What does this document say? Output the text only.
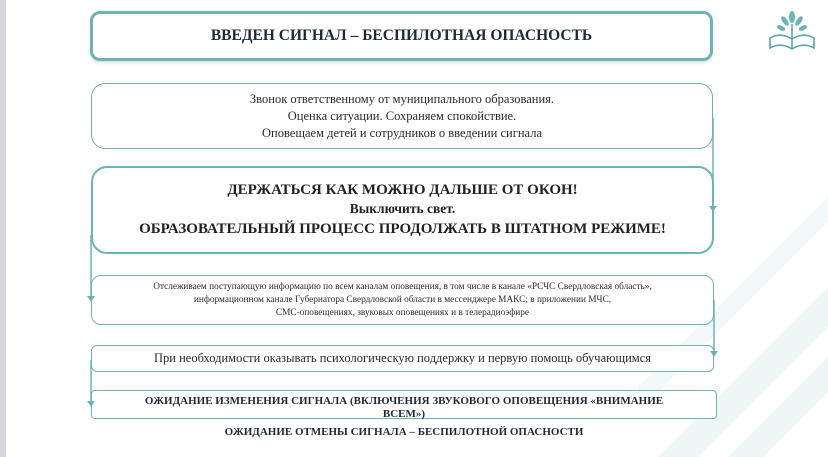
ВВЕДЕН СИГНАЛ – БЕСПИЛОТНАЯ ОПАСНОСТЬ
Звонок ответственному от муниципального образования.
Оценка ситуации. Сохраняем спокойствие.
Оповещаем детей и сотрудников о введении сигнала
ДЕРЖАТЬСЯ КАК МОЖНО ДАЛЬШЕ ОТ ОКОН!
Выключить свет.
ОБРАЗОВАТЕЛЬНЫЙ ПРОЦЕСС ПРОДОЛЖАТЬ В ШТАТНОМ РЕЖИМЕ!
Отслеживаем поступающую информацию по всем каналам оповещения, в том числе в канале «РСЧС Свердловская область»,
информационном канале Губернатора Свердловской области в мессенджере МАКС; в приложении МЧС,
СМС-оповещениях, звуковых оповещениях и в телерадиоэфире
При необходимости оказывать психологическую поддержку и первую помощь обучающимся
ОЖИДАНИЕ ИЗМЕНЕНИЯ СИГНАЛА (ВКЛЮЧЕНИЯ ЗВУКОВОГО ОПОВЕЩЕНИЯ «ВНИМАНИЕ
ВСЕМ»)
ОЖИДАНИЕ ОТМЕНЫ СИГНАЛА – БЕСПИЛОТНОЙ ОПАСНОСТИ
